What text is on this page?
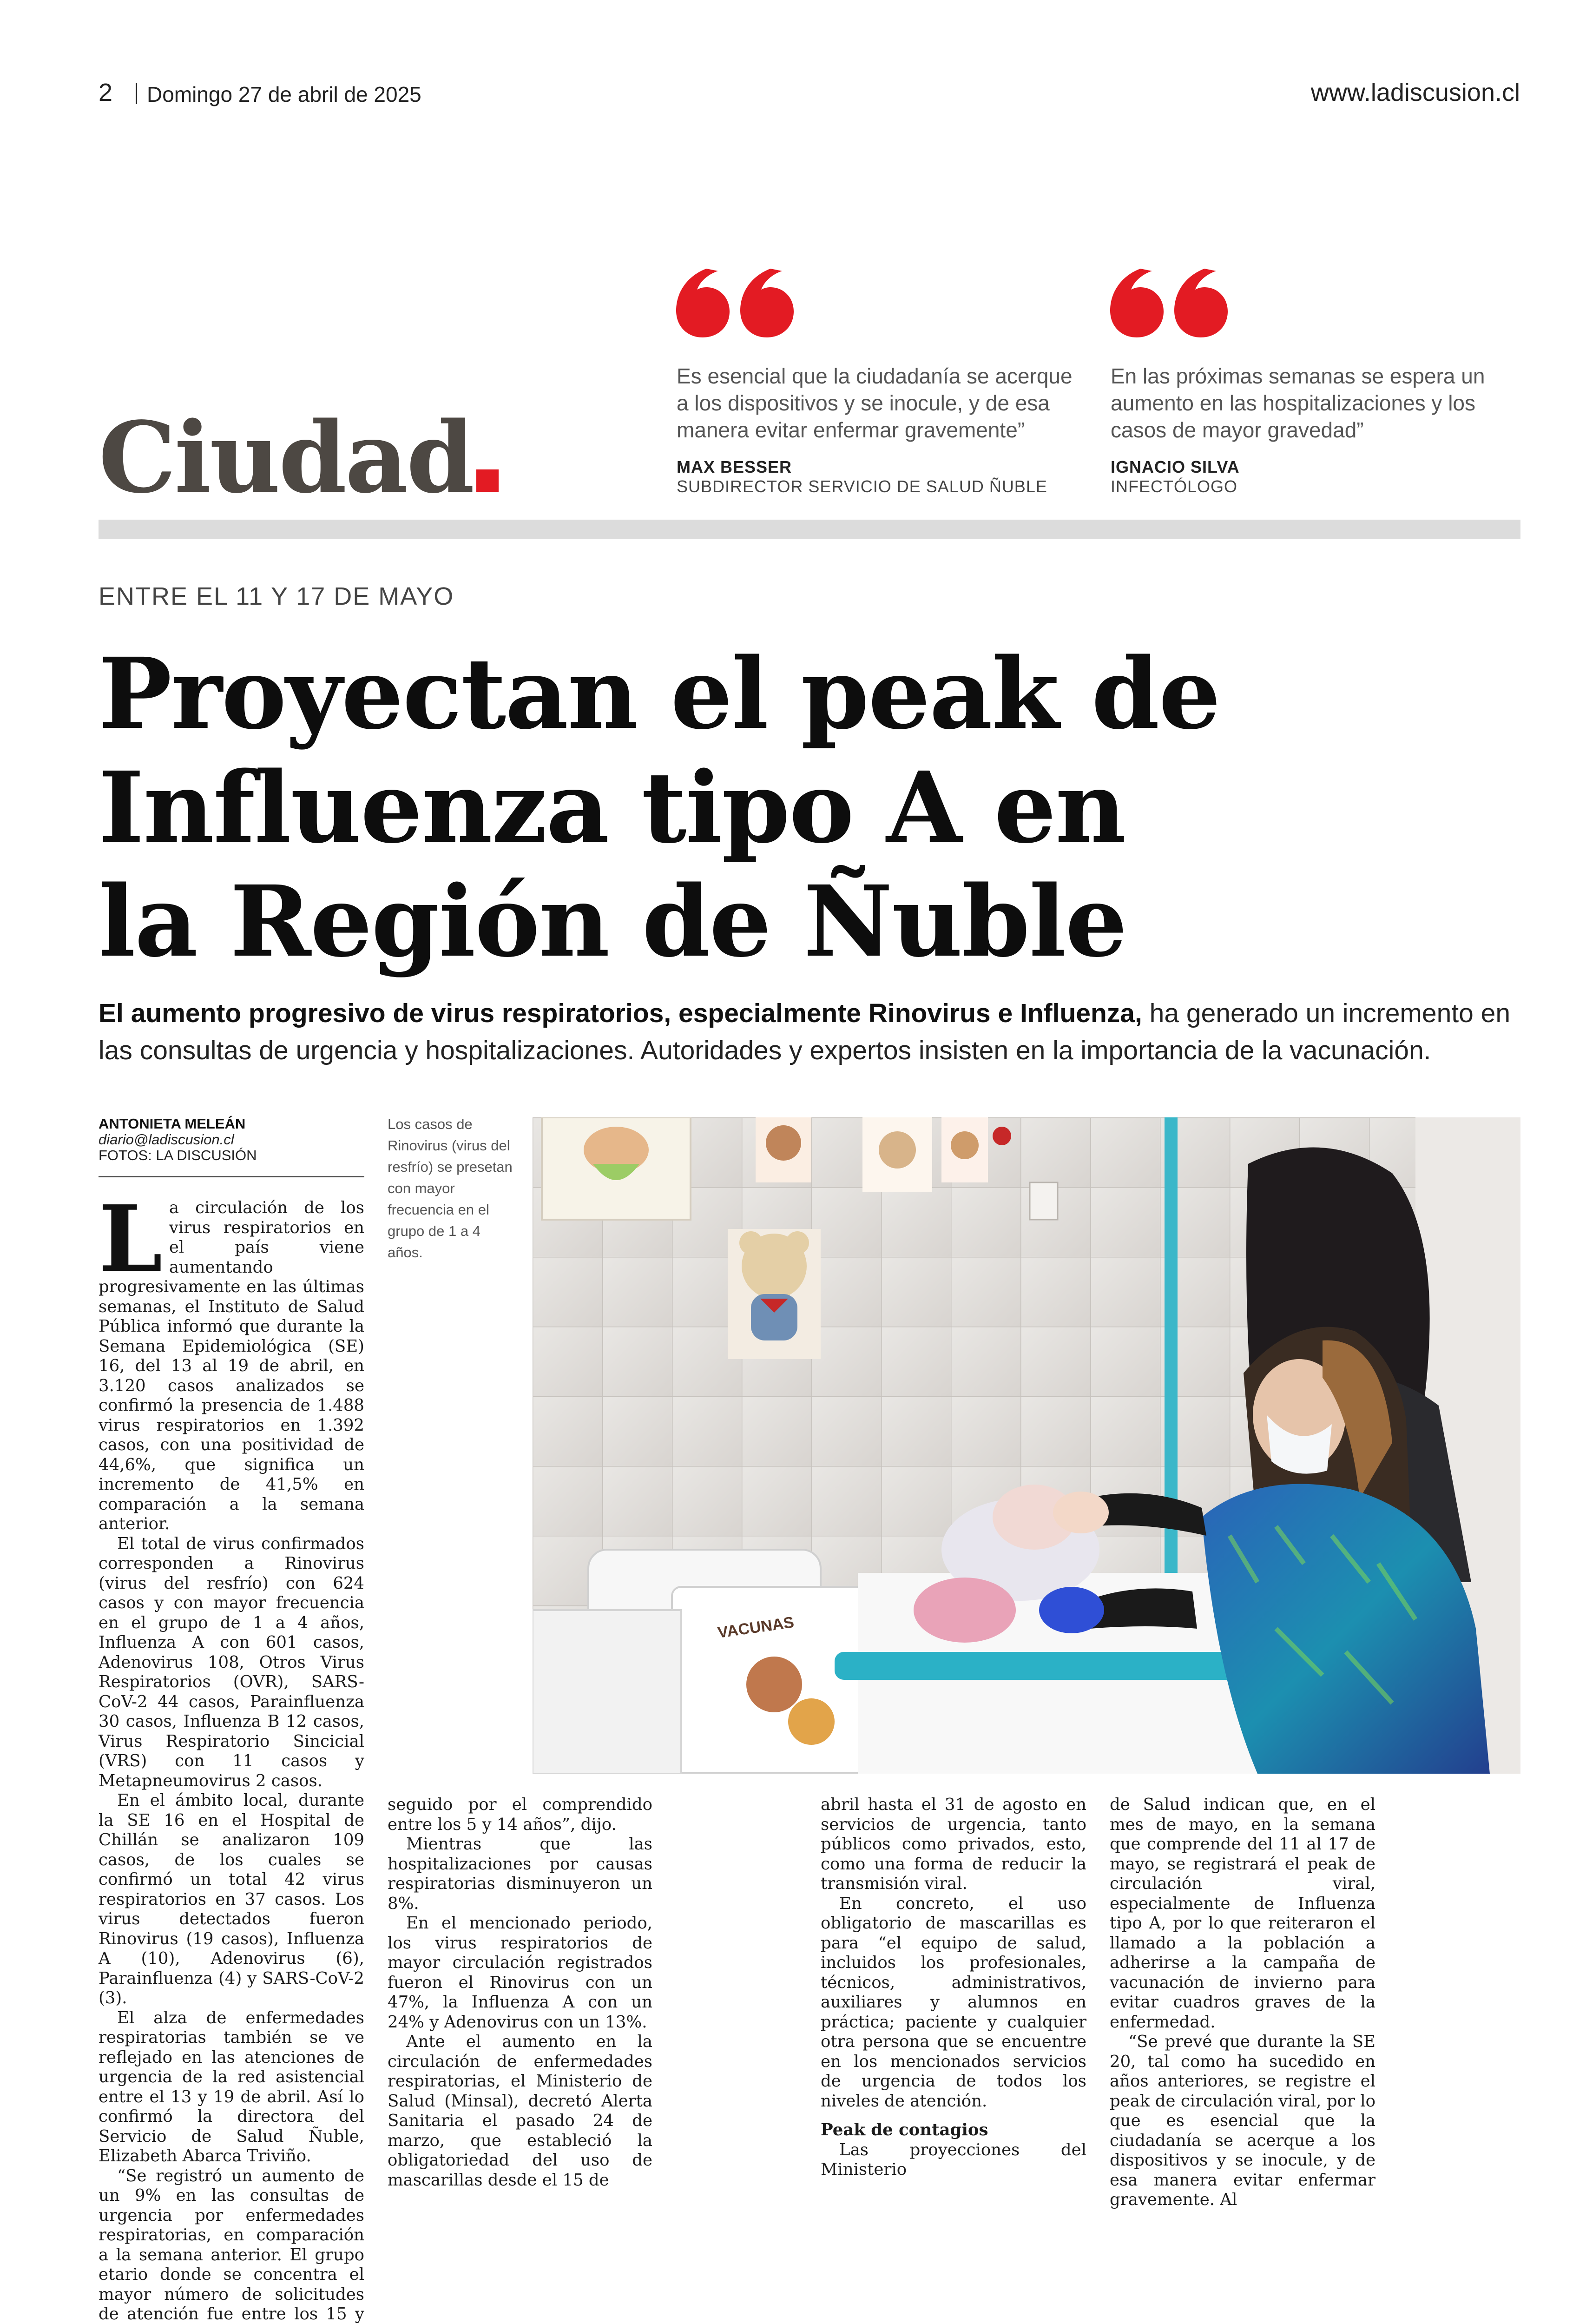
2 Domingo 27 de abril de 2025	www.ladiscusion.cl
Ciudad
Es esencial que la ciudadanía se acerque a los dispositivos y se inocule, y de esa manera evitar enfermar gravemente”
MAX BESSER
SUBDIRECTOR SERVICIO DE SALUD ÑUBLE
En las próximas semanas se espera un aumento en las hospitalizaciones y los casos de mayor gravedad”
IGNACIO SILVA
INFECTÓLOGO
ENTRE EL 11 Y 17 DE MAYO
Proyectan el peak de
Influenza tipo A en
la Región de Ñuble
El aumento progresivo de virus respiratorios, especialmente Rinovirus e Influenza, ha generado un incremento en las consultas de urgencia y hospitalizaciones. Autoridades y expertos insisten en la importancia de la vacunación.
ANTONIETA MELEÁN
diario@ladiscusion.cl
FOTOS: LA DISCUSIÓN
Los casos de Rinovirus (virus del resfrío) se presetan con mayor frecuencia en el grupo de 1 a 4 años.

La circulación de los virus respiratorios en el país viene aumentando progresivamente en las últimas semanas, el Instituto de Salud Pública informó que durante la Semana Epidemiológica (SE) 16, del 13 al 19 de abril, en 3.120 casos analizados se confirmó la presencia de 1.488 virus respiratorios en 1.392 casos, con una positividad de 44,6%, que significa un incremento de 41,5% en comparación a la semana anterior.

El total de virus confirmados corresponden a Rinovirus (virus del resfrío) con 624 casos y con mayor frecuencia en el grupo de 1 a 4 años, Influenza A con 601 casos, Adenovirus 108, Otros Virus Respiratorios (OVR), SARS-CoV-2 44 casos, Parainfluenza 30 casos, Influenza B 12 casos, Virus Respiratorio Sincicial (VRS) con 11 casos y Metapneumovirus 2 casos.

En el ámbito local, durante la SE 16 en el Hospital de Chillán se analizaron 109 casos, de los cuales se confirmó un total 42 virus respiratorios en 37 casos. Los virus detectados fueron Rinovirus (19 casos), Influenza A (10), Adenovirus (6), Parainfluenza (4) y SARS-CoV-2 (3).

El alza de enfermedades respiratorias también se ve reflejado en las atenciones de urgencia de la red asistencial entre el 13 y 19 de abril. Así lo confirmó la directora del Servicio de Salud Ñuble, Elizabeth Abarca Triviño.

“Se registró un aumento de un 9% en las consultas de urgencia por enfermedades respiratorias, en comparación a la semana anterior. El grupo etario donde se concentra el mayor número de solicitudes de atención fue entre los 15 y

seguido por el comprendido entre los 5 y 14 años”, dijo.

Mientras que las hospitalizaciones por causas respiratorias disminuyeron un 8%.

En el mencionado periodo, los virus respiratorios de mayor circulación registrados fueron el Rinovirus con un 47%, la Influenza A con un 24% y Adenovirus con un 13%.

Ante el aumento en la circulación de enfermedades respiratorias, el Ministerio de Salud (Minsal), decretó Alerta Sanitaria el pasado 24 de marzo, que estableció la obligatoriedad del uso de mascarillas desde el 15 de

abril hasta el 31 de agosto en servicios de urgencia, tanto públicos como privados, esto, como una forma de reducir la transmisión viral.

En concreto, el uso obligatorio de mascarillas es para “el equipo de salud, incluidos los profesionales, técnicos, administrativos, auxiliares y alumnos en práctica; paciente y cualquier otra persona que se encuentre en los mencionados servicios de urgencia de todos los niveles de atención.

Peak de contagios

Las proyecciones del Ministerio

de Salud indican que, en el mes de mayo, en la semana que comprende del 11 al 17 de mayo, se registrará el peak de circulación viral, especialmente de Influenza tipo A, por lo que reiteraron el llamado a la población a adherirse a la campaña de vacunación de invierno para evitar cuadros graves de la enfermedad.

“Se prevé que durante la SE 20, tal como ha sucedido en años anteriores, se registre el peak de circulación viral, por lo que es esencial que la ciudadanía se acerque a los dispositivos y se inocule, y de esa manera evitar enfermar gravemente. Al

VACUNAS
